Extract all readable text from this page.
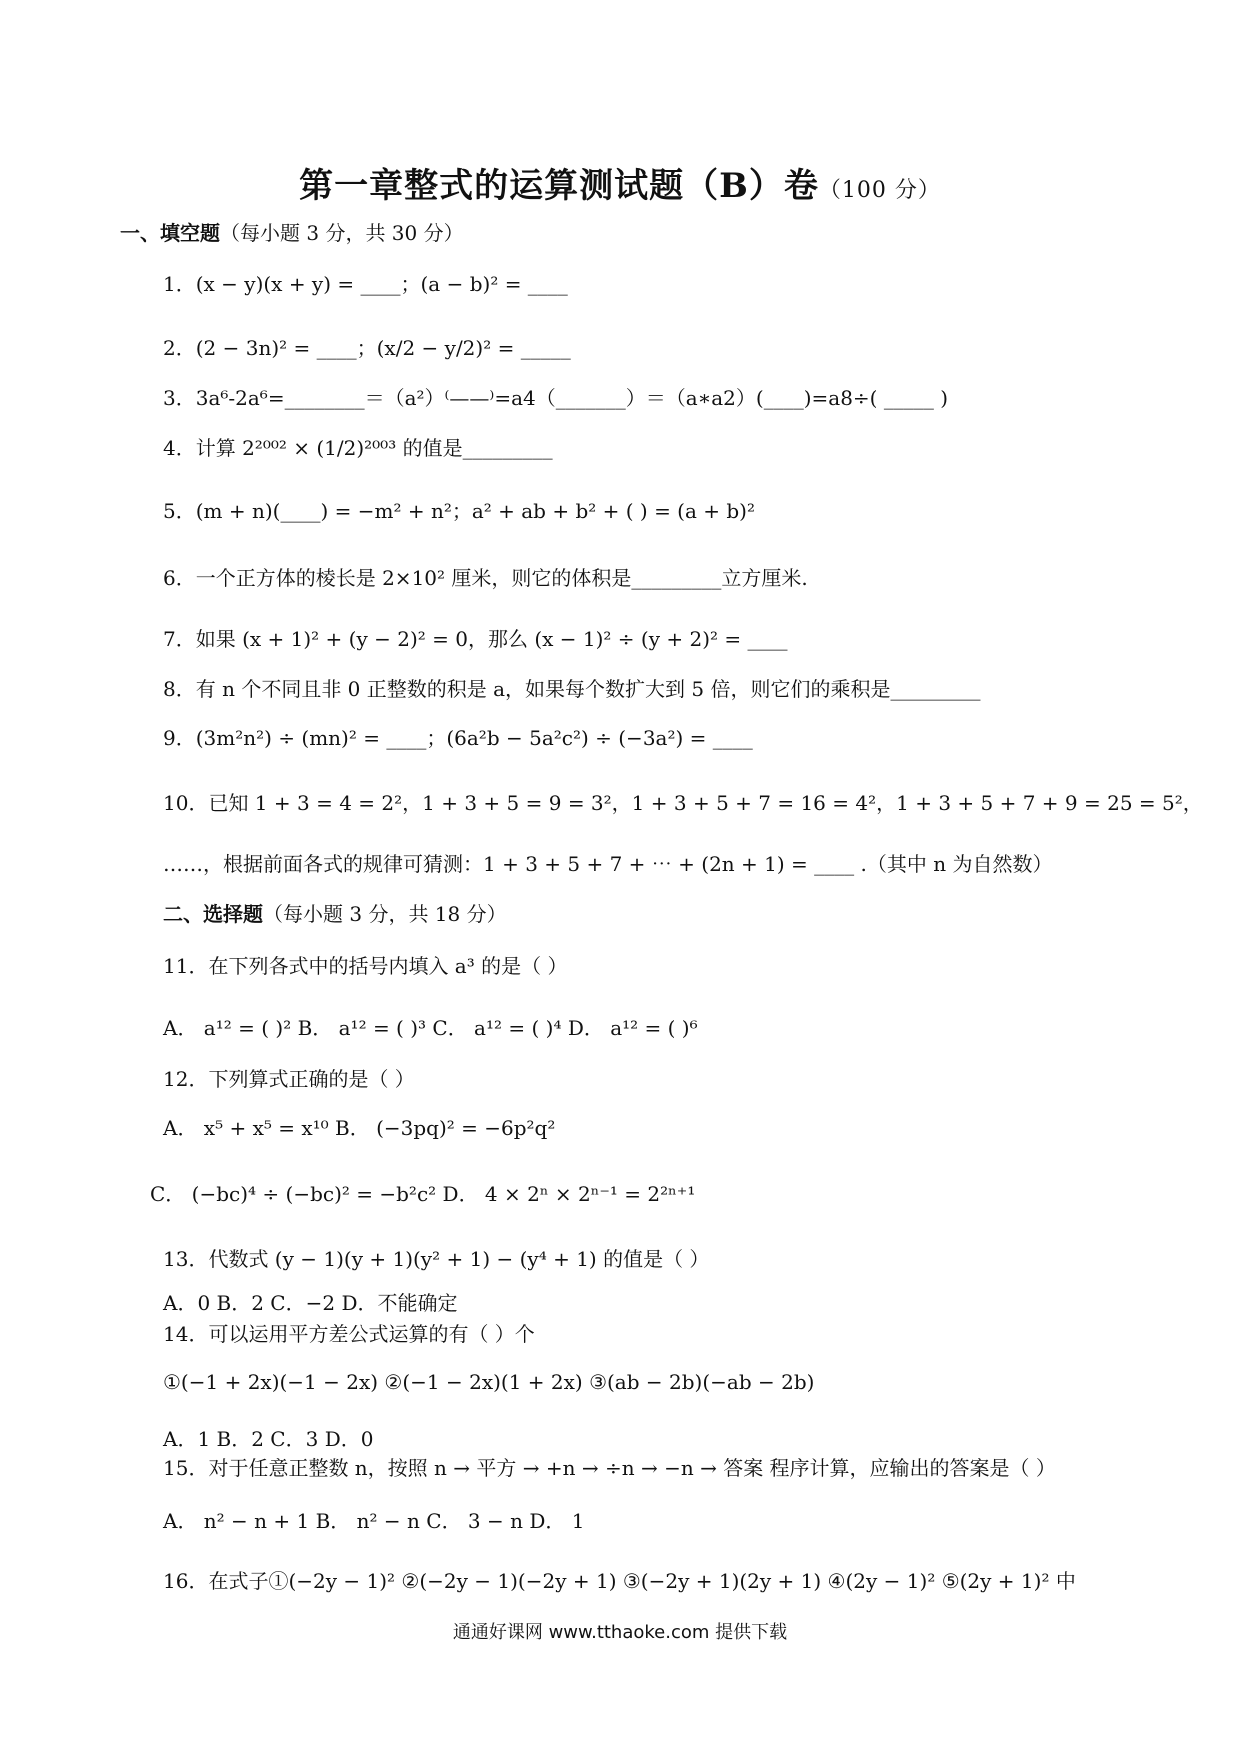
第一章整式的运算测试题（B）卷（100 分）
一、填空题（每小题 3 分，共 30 分）
1．(x − y)(x + y) = ____；(a − b)² = ____
2．(2 − 3n)² = ____；(x/2 − y/2)² = _____
3．3a⁶-2a⁶=________＝（a²）⁽——⁾=a4（_______）＝（a∗a2）(____)=a8÷( _____ )
4．计算 2²⁰⁰² × (1/2)²⁰⁰³ 的值是_________
5．(m + n)(____) = −m² + n²；a² + ab + b² + ( ) = (a + b)²
6．一个正方体的棱长是 2×10² 厘米，则它的体积是_________立方厘米.
7．如果 (x + 1)² + (y − 2)² = 0，那么 (x − 1)² ÷ (y + 2)² = ____
8．有 n 个不同且非 0 正整数的积是 a，如果每个数扩大到 5 倍，则它们的乘积是_________
9．(3m²n²) ÷ (mn)² = ____；(6a²b − 5a²c²) ÷ (−3a²) = ____
10．已知 1 + 3 = 4 = 2²，1 + 3 + 5 = 9 = 3²，1 + 3 + 5 + 7 = 16 = 4²，1 + 3 + 5 + 7 + 9 = 25 = 5²，
……，根据前面各式的规律可猜测：1 + 3 + 5 + 7 + ⋯ + (2n + 1) = ____ .（其中 n 为自然数）
二、选择题（每小题 3 分，共 18 分）
11．在下列各式中的括号内填入 a³ 的是（ ）
A． a¹² = ( )² B． a¹² = ( )³ C． a¹² = ( )⁴ D． a¹² = ( )⁶
12．下列算式正确的是（ ）
A． x⁵ + x⁵ = x¹⁰ B． (−3pq)² = −6p²q²
C． (−bc)⁴ ÷ (−bc)² = −b²c² D． 4 × 2ⁿ × 2ⁿ⁻¹ = 2²ⁿ⁺¹
13．代数式 (y − 1)(y + 1)(y² + 1) − (y⁴ + 1) 的值是（ ）
A．0 B．2 C．−2 D．不能确定
14．可以运用平方差公式运算的有（ ）个
①(−1 + 2x)(−1 − 2x) ②(−1 − 2x)(1 + 2x) ③(ab − 2b)(−ab − 2b)
A．1 B．2 C．3 D．0
15．对于任意正整数 n，按照 n → 平方 → +n → ÷n → −n → 答案 程序计算，应输出的答案是（ ）
A． n² − n + 1 B． n² − n C． 3 − n D． 1
16．在式子①(−2y − 1)² ②(−2y − 1)(−2y + 1) ③(−2y + 1)(2y + 1) ④(2y − 1)² ⑤(2y + 1)² 中
通通好课网 www.tthaoke.com 提供下载
